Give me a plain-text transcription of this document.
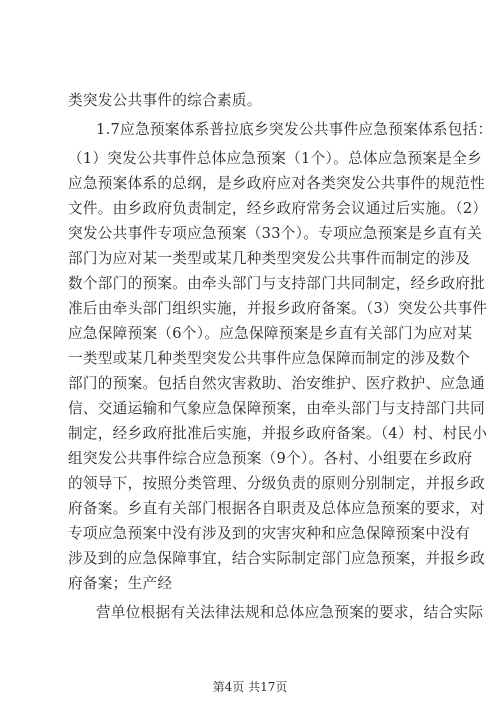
类突发公共事件的综合素质。
1.7应急预案体系普拉底乡突发公共事件应急预案体系包括：
（1）突发公共事件总体应急预案（1个）。总体应急预案是全乡
应急预案体系的总纲，是乡政府应对各类突发公共事件的规范性
文件。由乡政府负责制定，经乡政府常务会议通过后实施。（2）
突发公共事件专项应急预案（33个）。专项应急预案是乡直有关
部门为应对某一类型或某几种类型突发公共事件而制定的涉及
数个部门的预案。由牵头部门与支持部门共同制定，经乡政府批
准后由牵头部门组织实施，并报乡政府备案。（3）突发公共事件
应急保障预案（6个）。应急保障预案是乡直有关部门为应对某
一类型或某几种类型突发公共事件应急保障而制定的涉及数个
部门的预案。包括自然灾害救助、治安维护、医疗救护、应急通
信、交通运输和气象应急保障预案，由牵头部门与支持部门共同
制定，经乡政府批准后实施，并报乡政府备案。（4）村、村民小
组突发公共事件综合应急预案（9个）。各村、小组要在乡政府
的领导下，按照分类管理、分级负责的原则分别制定，并报乡政
府备案。乡直有关部门根据各自职责及总体应急预案的要求，对
专项应急预案中没有涉及到的灾害灾种和应急保障预案中没有
涉及到的应急保障事宜，结合实际制定部门应急预案，并报乡政
府备案；生产经
营单位根据有关法律法规和总体应急预案的要求，结合实际
第4页 共17页
